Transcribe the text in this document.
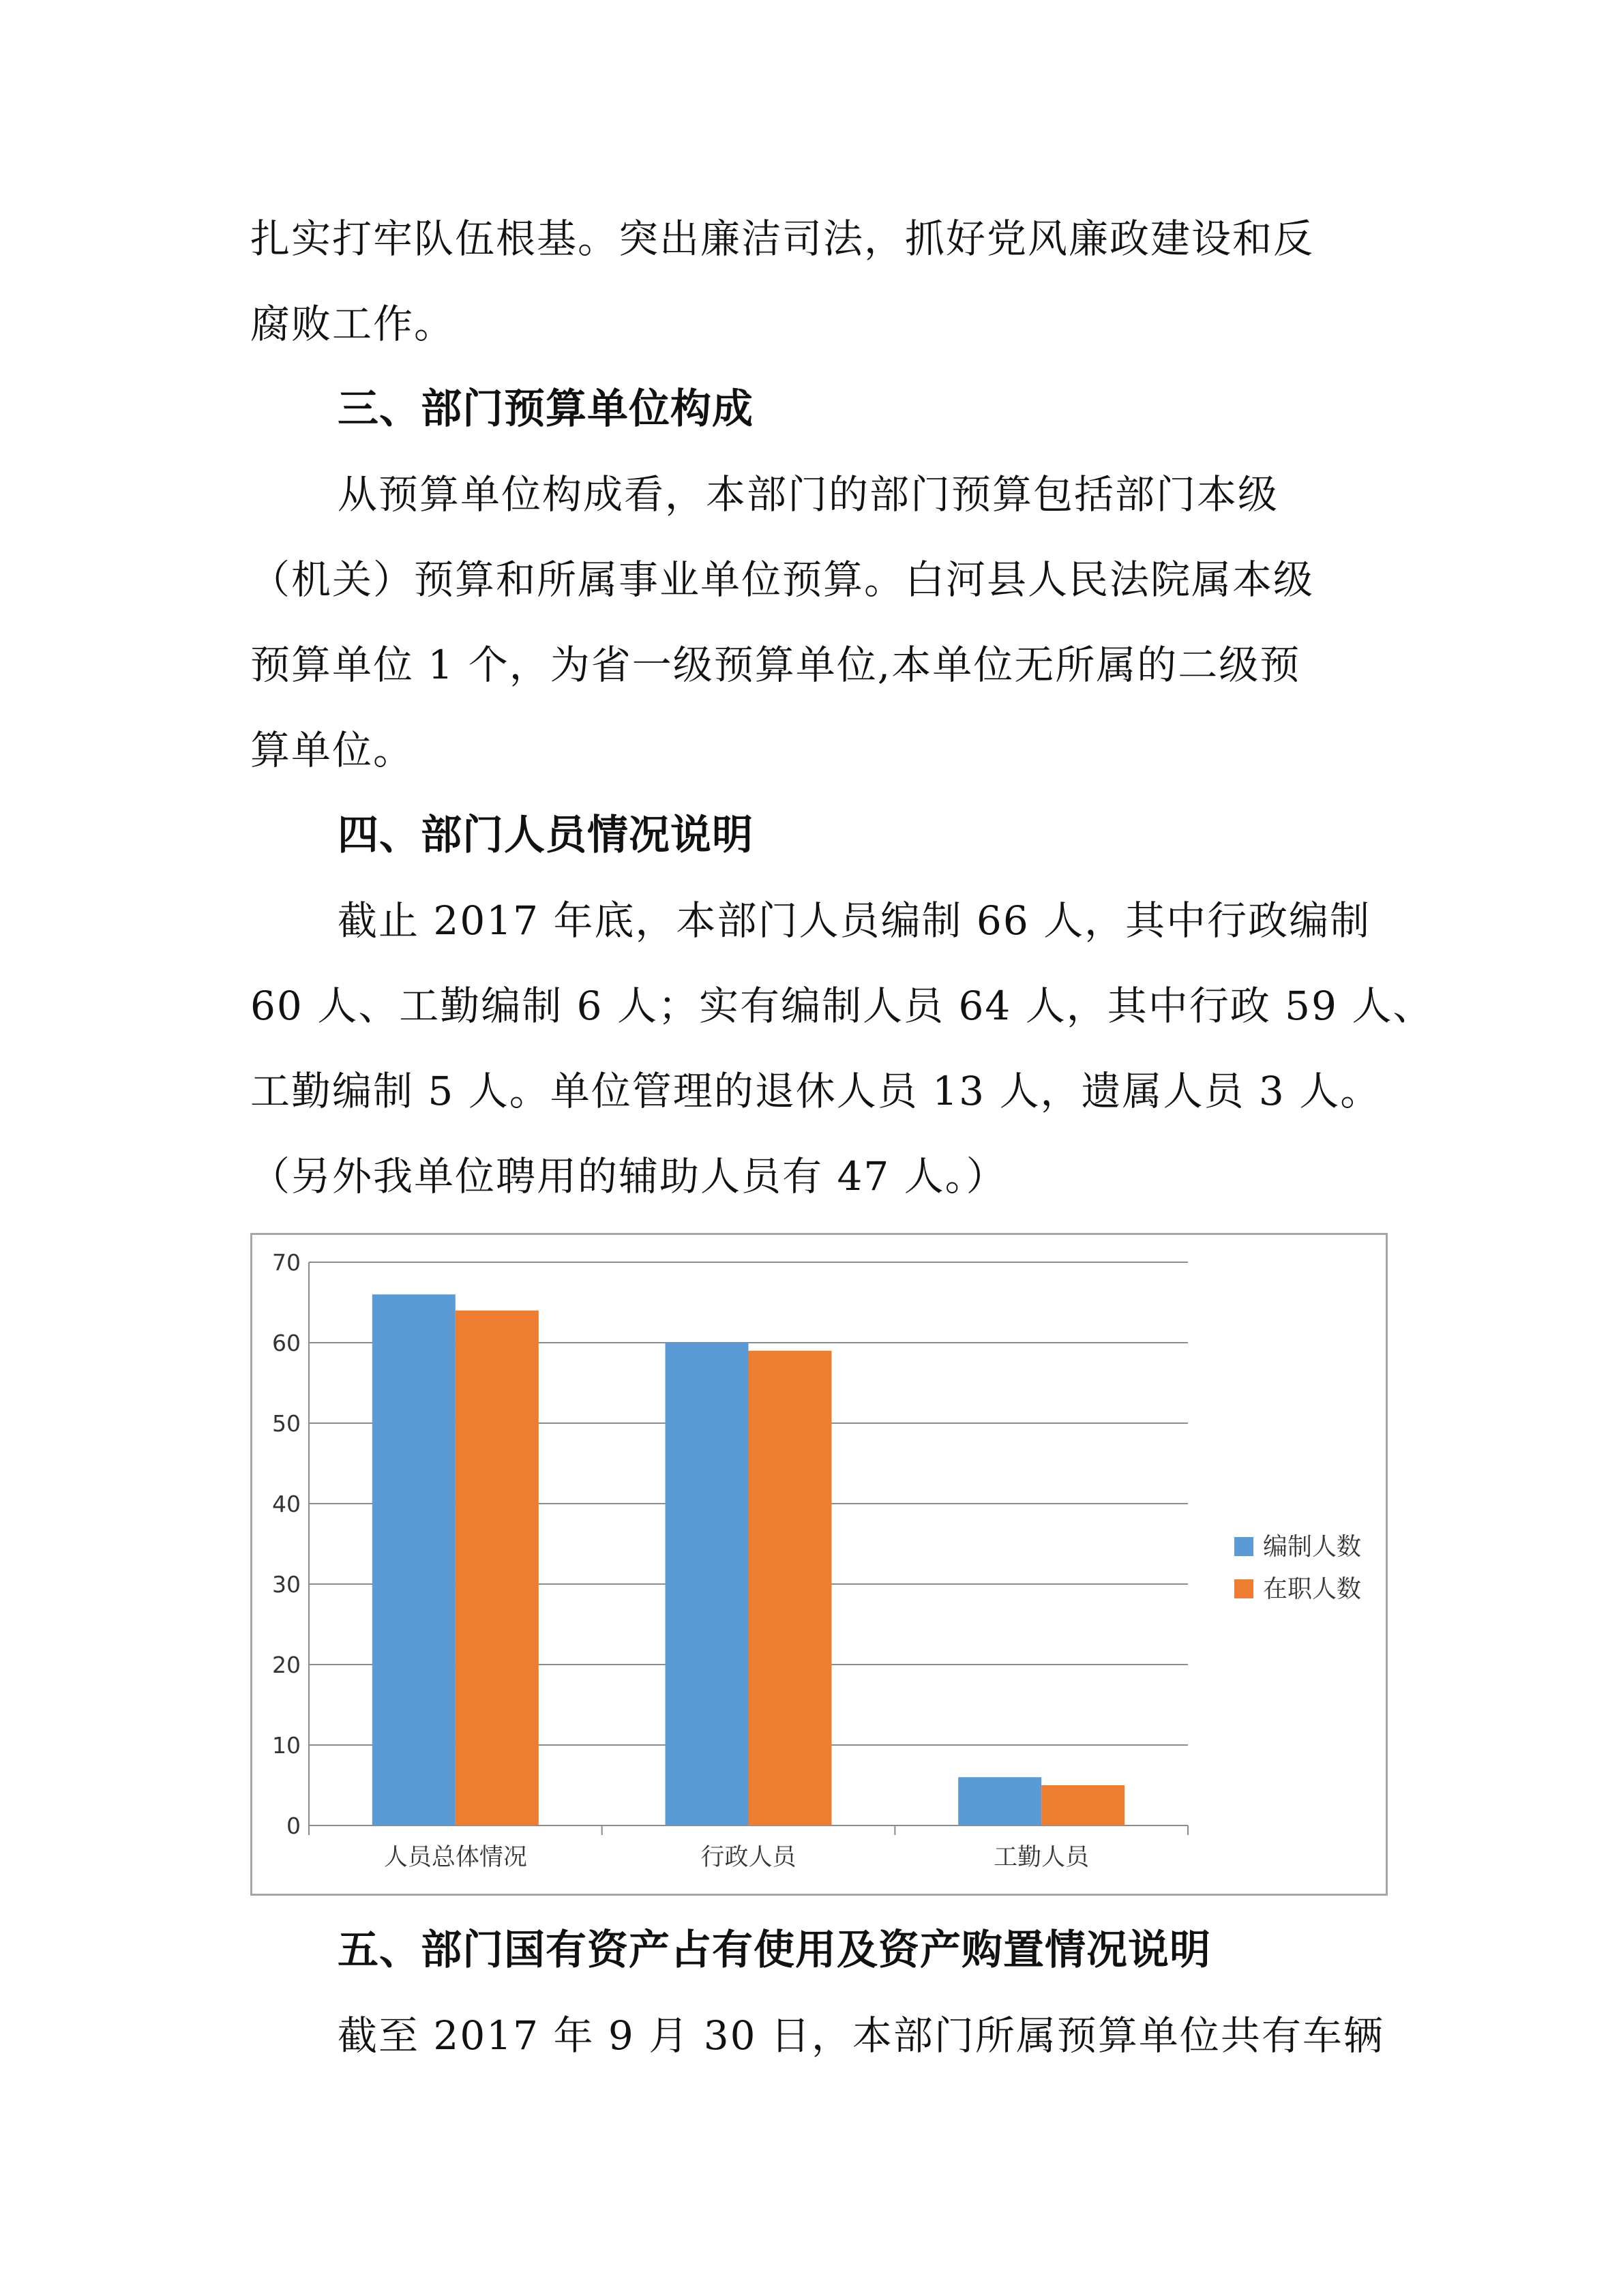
扎实打牢队伍根基。突出廉洁司法，抓好党风廉政建设和反
腐败工作。
三、部门预算单位构成
从预算单位构成看，本部门的部门预算包括部门本级
（机关）预算和所属事业单位预算。白河县人民法院属本级
预算单位 1 个，为省一级预算单位,本单位无所属的二级预
算单位。
四、部门人员情况说明
截止 2017 年底，本部门人员编制 66 人，其中行政编制
60 人、工勤编制 6 人；实有编制人员 64 人，其中行政 59 人、
工勤编制 5 人。单位管理的退休人员 13 人，遗属人员 3 人。
（另外我单位聘用的辅助人员有 47 人。）
0
10
20
30
40
50
60
70
人员总体情况	行政人员	工勤人员
编制人数
在职人数
五、部门国有资产占有使用及资产购置情况说明
截至 2017 年 9 月 30 日，本部门所属预算单位共有车辆
